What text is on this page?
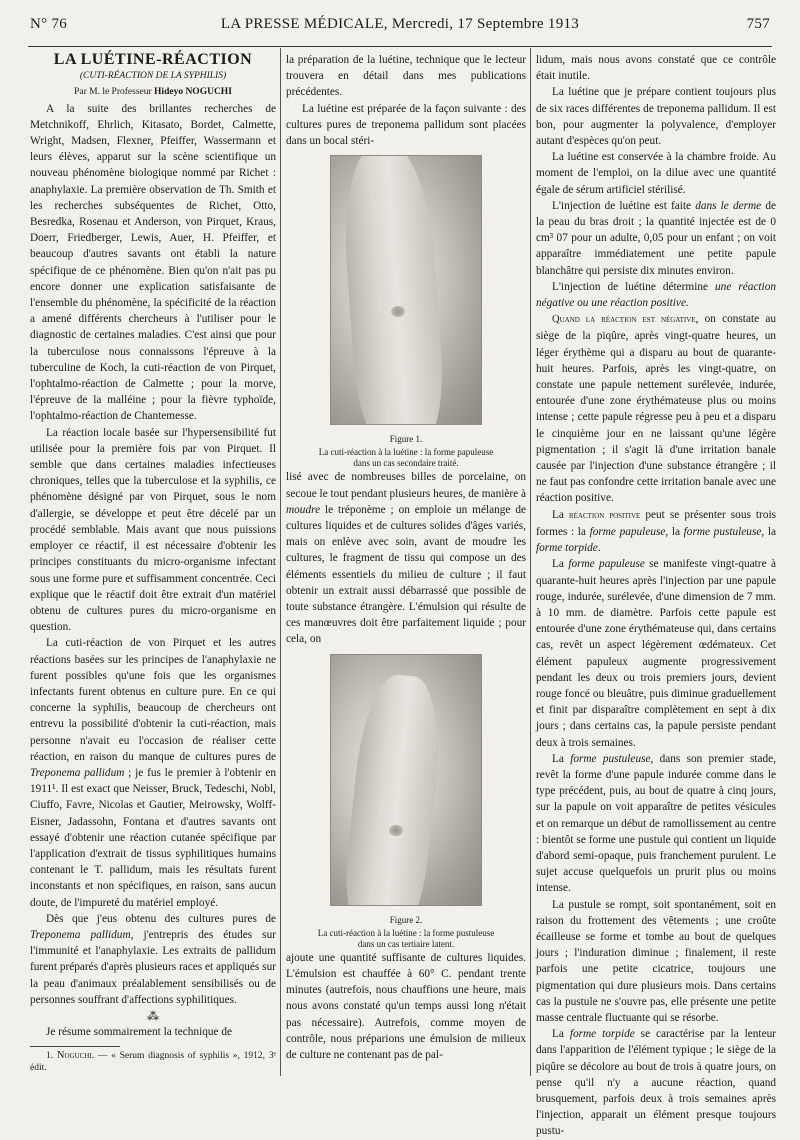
N° 76	LA PRESSE MÉDICALE, Mercredi, 17 Septembre 1913	757

LA LUÉTINE-RÉACTION

(CUTI-RÉACTION DE LA SYPHILIS)

Par M. le Professeur Hideyo NOGUCHI

A la suite des brillantes recherches de Metchnikoff, Ehrlich, Kitasato, Bordet, Calmette, Wright, Madsen, Flexner, Pfeiffer, Wassermann et leurs élèves, apparut sur la scène scientifique un nouveau phénomène biologique nommé par Richet : anaphylaxie. La première observation de Th. Smith et les recherches subséquentes de Richet, Otto, Besredka, Rosenau et Anderson, von Pirquet, Kraus, Doerr, Friedberger, Lewis, Auer, H. Pfeiffer, et beaucoup d'autres savants ont établi la nature spécifique de ce phénomène. Bien qu'on n'ait pas pu encore donner une explication satisfaisante de l'ensemble du phénomène, la spécificité de la réaction a amené différents chercheurs à l'utiliser pour le diagnostic de certaines maladies. C'est ainsi que pour la tuberculose nous connaissons l'épreuve à la tuberculine de Koch, la cuti-réaction de von Pirquet, l'ophtalmo-réaction de Calmette ; pour la morve, l'épreuve de la malléine ; pour la fièvre typhoïde, l'ophtalmo-réaction de Chantemesse.

La réaction locale basée sur l'hypersensibilité fut utilisée pour la première fois par von Pirquet. Il semble que dans certaines maladies infectieuses chroniques, telles que la tuberculose et la syphilis, ce phénomène désigné par von Pirquet, sous le nom d'allergie, se développe et peut être décelé par un procédé semblable. Mais avant que nous puissions employer ce réactif, il est nécessaire d'obtenir les principes constituants du micro-organisme infectant sous une forme pure et suffisamment concentrée. Ceci explique que le réactif doit être extrait d'un matériel obtenu de cultures pures du micro-organisme en question.

La cuti-réaction de von Pirquet et les autres réactions basées sur les principes de l'anaphylaxie ne furent possibles qu'une fois que les organismes infectants furent obtenus en culture pure. En ce qui concerne la syphilis, beaucoup de chercheurs ont entrevu la possibilité d'obtenir la cuti-réaction, mais personne n'avait eu l'occasion de réaliser cette réaction, en raison du manque de cultures pures de Treponema pallidum ; je fus le premier à l'obtenir en 1911¹. Il est exact que Neisser, Bruck, Tedeschi, Nobl, Ciuffo, Favre, Nicolas et Gautier, Meirowsky, Wolff-Eisner, Jadassohn, Fontana et d'autres savants ont essayé d'obtenir une réaction cutanée spécifique par l'application d'extrait de tissus syphilitiques humains contenant le T. pallidum, mais les résultats furent inconstants et non spécifiques, en raison, sans aucun doute, de l'impureté du matériel employé.

Dès que j'eus obtenu des cultures pures de Treponema pallidum, j'entrepris des études sur l'immunité et l'anaphylaxie. Les extraits de pallidum furent préparés d'après plusieurs races et appliqués sur la peau d'animaux préalablement sensibilisés ou de personnes souffrant d'affections syphilitiques.

⁂

Je résume sommairement la technique de

1. Noguchi. — « Serum diagnosis of syphilis », 1912, 3ᵉ édit.

la préparation de la luétine, technique que le lecteur trouvera en détail dans mes publications précédentes.

La luétine est préparée de la façon suivante : des cultures pures de treponema pallidum sont placées dans un bocal stéri-

Figure 1.

La cuti-réaction à la luétine : la forme papuleuse dans un cas secondaire traité.

lisé avec de nombreuses billes de porcelaine, on secoue le tout pendant plusieurs heures, de manière à moudre le tréponème ; on emploie un mélange de cultures liquides et de cultures solides d'âges variés, mais on enlève avec soin, avant de moudre les cultures, le fragment de tissu qui compose un des éléments essentiels du milieu de culture ; il faut obtenir un extrait aussi débarrassé que possible de toute substance étrangère. L'émulsion qui résulte de ces manœuvres doit être parfaitement liquide ; pour cela, on

Figure 2.

La cuti-réaction à la luétine : la forme pustuleuse dans un cas tertiaire latent.

ajoute une quantité suffisante de cultures liquides. L'émulsion est chauffée à 60° C. pendant trente minutes (autrefois, nous chauffions une heure, mais nous avons constaté qu'un temps aussi long n'était pas nécessaire). Autrefois, comme moyen de contrôle, nous préparions une émulsion de milieux de culture ne contenant pas de pal-

lidum, mais nous avons constaté que ce contrôle était inutile.

La luétine que je prépare contient toujours plus de six races différentes de treponema pallidum. Il est bon, pour augmenter la polyvalence, d'employer autant d'espèces qu'on peut.

La luétine est conservée à la chambre froide. Au moment de l'emploi, on la dilue avec une quantité égale de sérum artificiel stérilisé.

L'injection de luétine est faite dans le derme de la peau du bras droit ; la quantité injectée est de 0 cm³ 07 pour un adulte, 0,05 pour un enfant ; on voit apparaître immédiatement une petite papule blanchâtre qui persiste dix minutes environ.

L'injection de luétine détermine une réaction négative ou une réaction positive.

Quand la réaction est négative, on constate au siège de la piqûre, après vingt-quatre heures, un léger érythème qui a disparu au bout de quarante-huit heures. Parfois, après les vingt-quatre, on constate une papule nettement surélevée, indurée, entourée d'une zone érythémateuse plus ou moins intense ; cette papule régresse peu à peu et a disparu le cinquième jour en ne laissant qu'une légère pigmentation ; il s'agit là d'une irritation banale causée par l'injection d'une substance étrangère ; il ne faut pas confondre cette irritation banale avec une réaction positive.

La réaction positive peut se présenter sous trois formes : la forme papuleuse, la forme pustuleuse, la forme torpide.

La forme papuleuse se manifeste vingt-quatre à quarante-huit heures après l'injection par une papule rouge, indurée, surélevée, d'une dimension de 7 mm. à 10 mm. de diamètre. Parfois cette papule est entourée d'une zone érythémateuse qui, dans certains cas, revêt un aspect légèrement œdémateux. Cet élément papuleux augmente progressivement pendant les deux ou trois premiers jours, devient rouge foncé ou bleuâtre, puis diminue graduellement et finit par disparaître complètement en sept à dix jours ; dans certains cas, la papule persiste pendant deux à trois semaines.

La forme pustuleuse, dans son premier stade, revêt la forme d'une papule indurée comme dans le type précédent, puis, au bout de quatre à cinq jours, sur la papule on voit apparaître de petites vésicules et on remarque un début de ramollissement au centre : bientôt se forme une pustule qui contient un liquide d'abord semi-opaque, puis franchement purulent. Le sujet accuse quelquefois un prurit plus ou moins intense.

La pustule se rompt, soit spontanément, soit en raison du frottement des vêtements ; une croûte écailleuse se forme et tombe au bout de quelques jours ; l'induration diminue ; finalement, il reste parfois une petite cicatrice, toujours une pigmentation qui dure plusieurs mois. Dans certains cas la pustule ne s'ouvre pas, elle présente une petite masse centrale fluctuante qui se résorbe.

La forme torpide se caractérise par la lenteur dans l'apparition de l'élément typique ; le siège de la piqûre se décolore au bout de trois à quatre jours, on pense qu'il n'y a aucune réaction, quand brusquement, parfois deux à trois semaines après l'injection, apparait un élément presque toujours pustu-
